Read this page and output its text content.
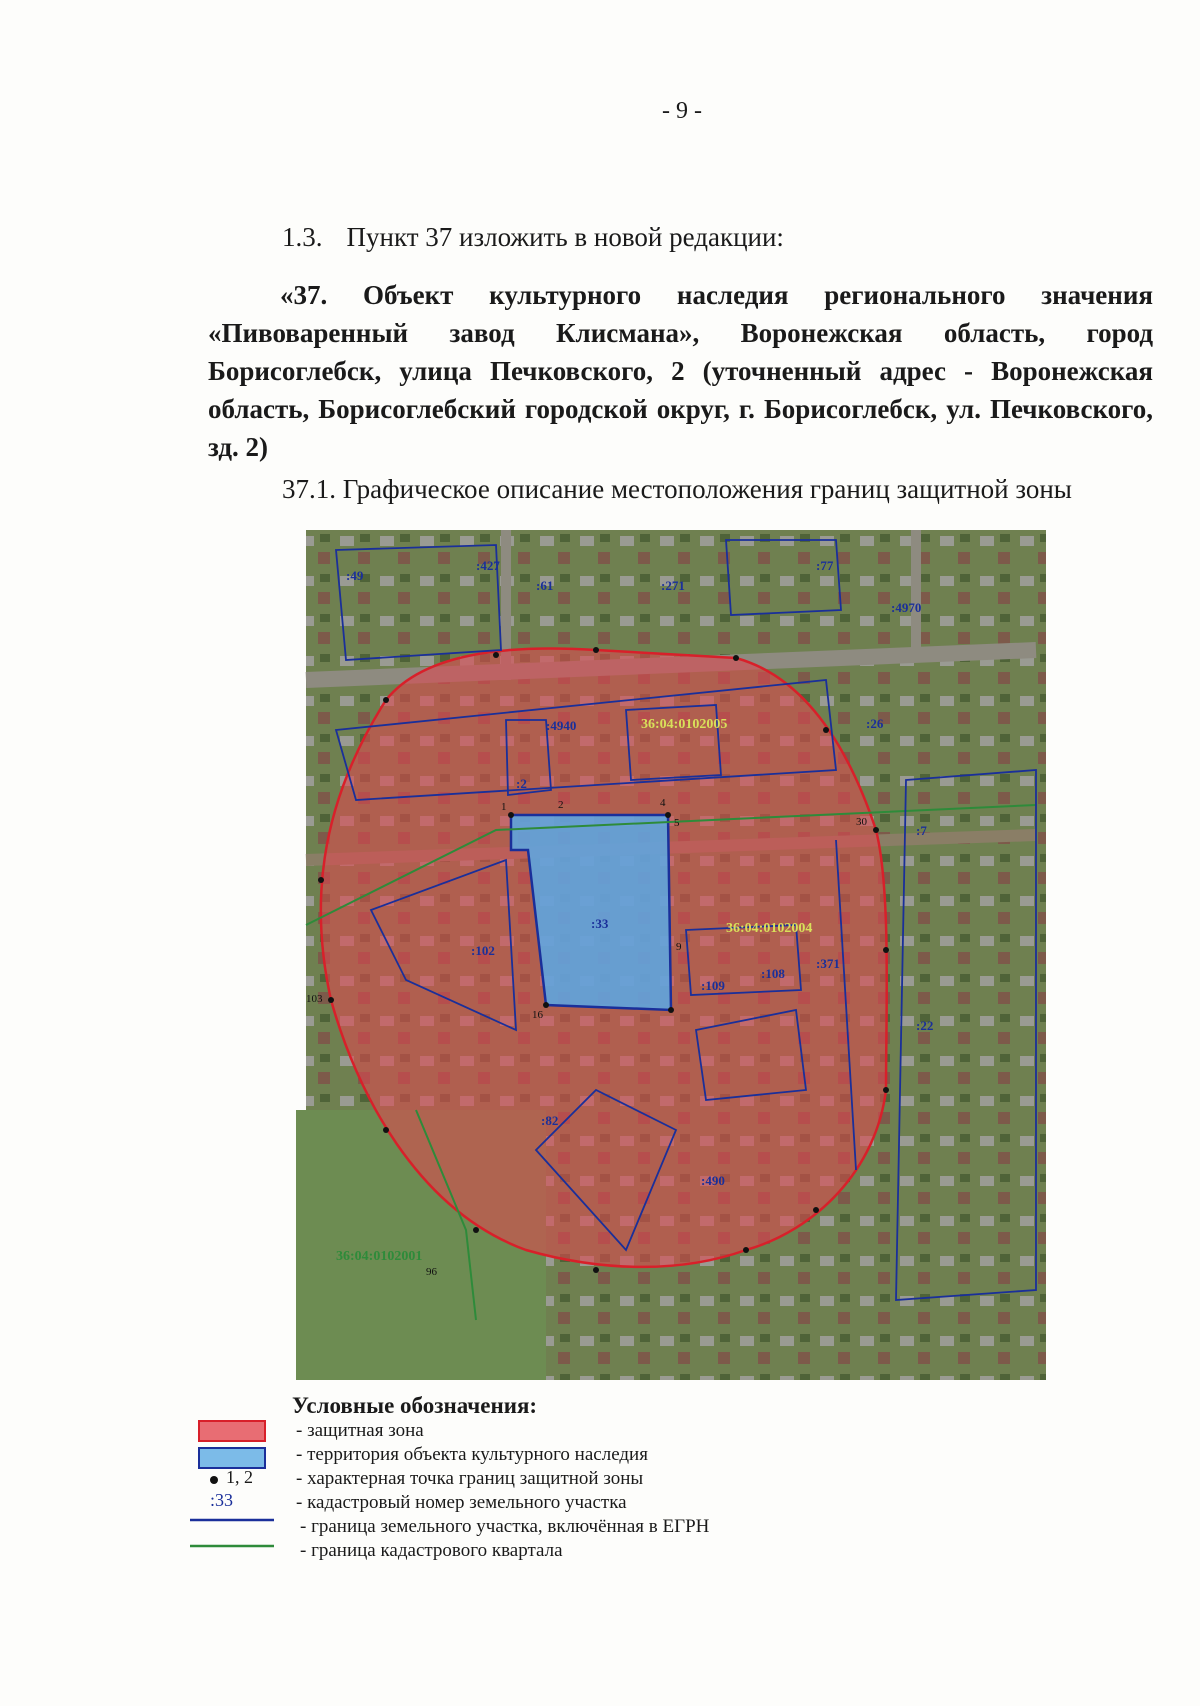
- 9 -
1.3. Пункт 37 изложить в новой редакции:
«37. Объект культурного наследия регионального значения «Пивоваренный завод Клисмана», Воронежская область, город Борисоглебск, улица Печковского, 2 (уточненный адрес - Воронежская область, Борисоглебский городской округ, г. Борисоглебск, ул. Печковского, зд. 2)
37.1. Графическое описание местоположения границ защитной зоны
36:04:0102005
36:04:0102004
36:04:0102001
:49
:427
:61	:271
:77
:4970
:4940	:26
:2
:102
:33
:109
:108
:371
:82
:490
:7
:22
1	2	4
5
9
16
30
96
103
Условные обозначения:
1, 2
:33
- защитная зона
- территория объекта культурного наследия
- характерная точка границ защитной зоны
- кадастровый номер земельного участка
- граница земельного участка, включённая в ЕГРН
- граница кадастрового квартала
